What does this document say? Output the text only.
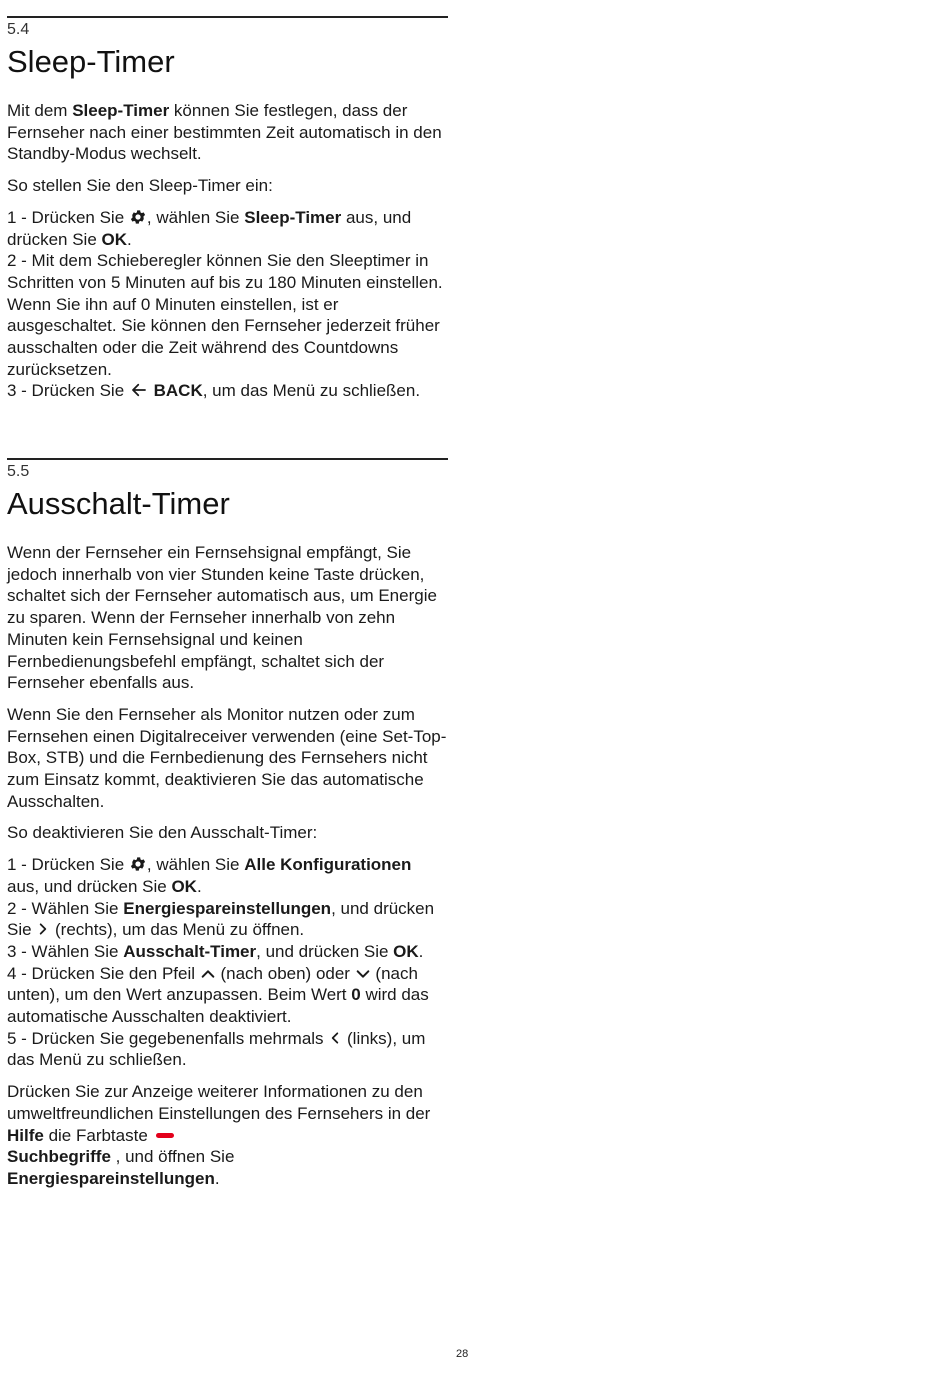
5.4
Sleep-Timer

Mit dem Sleep-Timer können Sie festlegen, dass der Fernseher nach einer bestimmten Zeit automatisch in den Standby-Modus wechselt.

So stellen Sie den Sleep-Timer ein:

1 - Drücken Sie , wählen Sie Sleep-Timer aus, und drücken Sie OK.

2 - Mit dem Schieberegler können Sie den Sleeptimer in Schritten von 5 Minuten auf bis zu 180 Minuten einstellen. Wenn Sie ihn auf 0 Minuten einstellen, ist er ausgeschaltet. Sie können den Fernseher jederzeit früher ausschalten oder die Zeit während des Countdowns zurücksetzen.

3 - Drücken Sie  BACK, um das Menü zu schließen.

5.5
Ausschalt-Timer

Wenn der Fernseher ein Fernsehsignal empfängt, Sie jedoch innerhalb von vier Stunden keine Taste drücken, schaltet sich der Fernseher automatisch aus, um Energie zu sparen. Wenn der Fernseher innerhalb von zehn Minuten kein Fernsehsignal und keinen Fernbedienungsbefehl empfängt, schaltet sich der Fernseher ebenfalls aus.

Wenn Sie den Fernseher als Monitor nutzen oder zum Fernsehen einen Digitalreceiver verwenden (eine Set-Top-Box, STB) und die Fernbedienung des Fernsehers nicht zum Einsatz kommt, deaktivieren Sie das automatische Ausschalten.

So deaktivieren Sie den Ausschalt-Timer:

1 - Drücken Sie , wählen Sie Alle Konfigurationen aus, und drücken Sie OK.

2 - Wählen Sie Energiespareinstellungen, und drücken Sie  (rechts), um das Menü zu öffnen.

3 - Wählen Sie Ausschalt-Timer, und drücken Sie OK.

4 - Drücken Sie den Pfeil  (nach oben) oder  (nach unten), um den Wert anzupassen. Beim Wert 0 wird das automatische Ausschalten deaktiviert.

5 - Drücken Sie gegebenenfalls mehrmals  (links), um das Menü zu schließen.

Drücken Sie zur Anzeige weiterer Informationen zu den umweltfreundlichen Einstellungen des Fernsehers in der Hilfe die Farbtaste
Suchbegriffe , und öffnen Sie Energiespareinstellungen.

28
